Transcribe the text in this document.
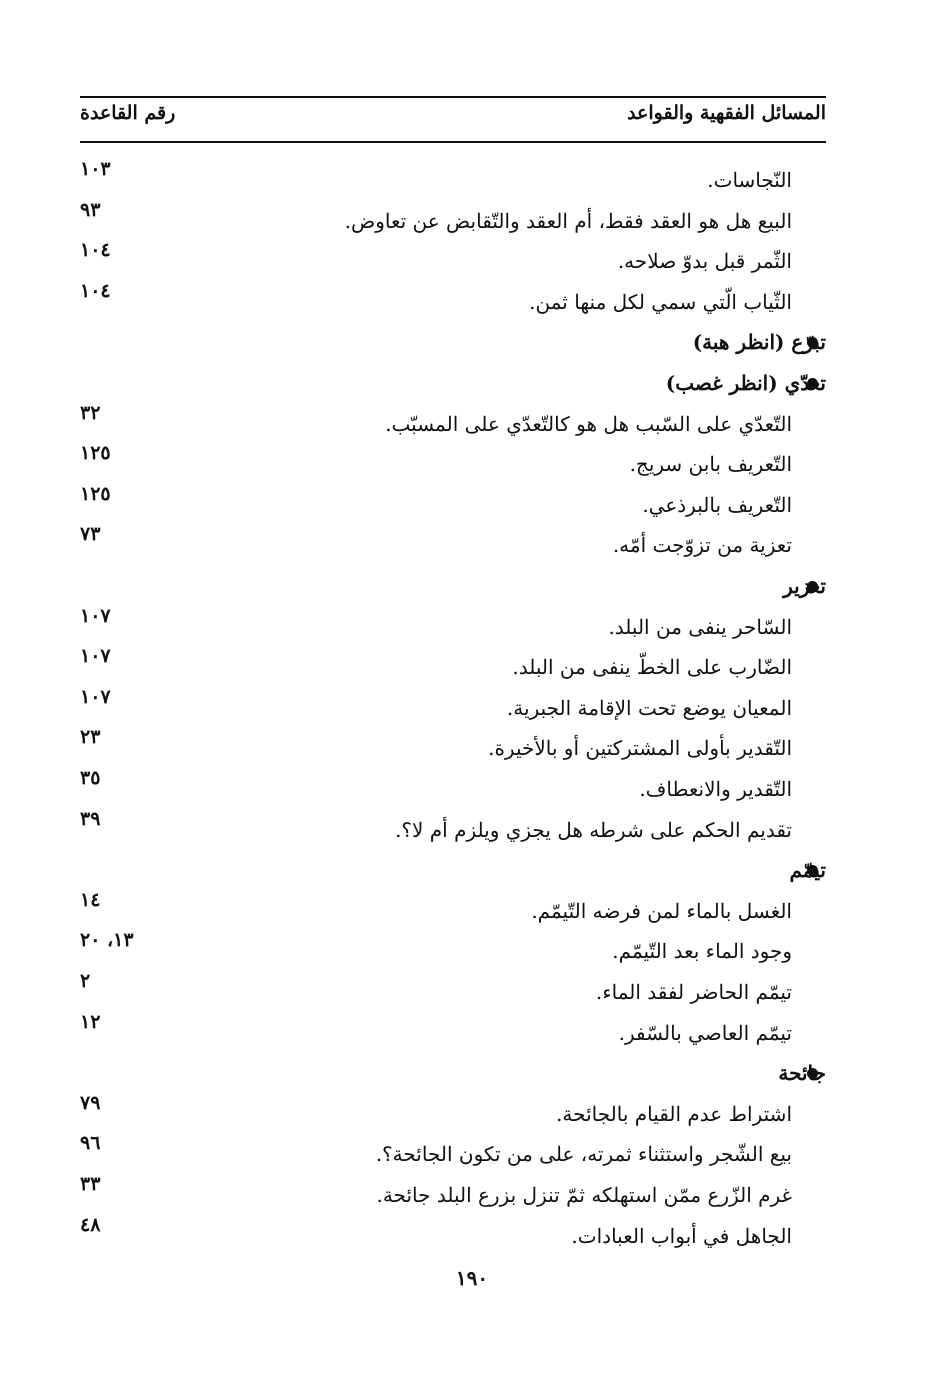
المسائل الفقهية والقواعد
رقم القاعدة
النّجاسات.
١٠٣
البيع هل هو العقد فقط، أم العقد والتّقابض عن تعاوض.
٩٣
الثّمر قبل بدوّ صلاحه.
١٠٤
الثّياب الّتي سمي لكل منها ثمن.
١٠٤
تبرّع (انظر هبة)
تعدّي (انظر غصب)
التّعدّي على السّبب هل هو كالتّعدّي على المسبّب.
٣٢
التّعريف بابن سريج.
١٢٥
التّعريف بالبرذعي.
١٢٥
تعزية من تزوّجت أمّه.
٧٣
تعزير
السّاحر ينفى من البلد.
١٠٧
الضّارب على الخطّ ينفى من البلد.
١٠٧
المعيان يوضع تحت الإقامة الجبرية.
١٠٧
التّقدير بأولى المشتركتين أو بالأخيرة.
٢٣
التّقدير والانعطاف.
٣٥
تقديم الحكم على شرطه هل يجزي ويلزم أم لا؟.
٣٩
تيمّم
الغسل بالماء لمن فرضه التّيمّم.
١٤
وجود الماء بعد التّيمّم.
١٣، ٢٠
تيمّم الحاضر لفقد الماء.
٢
تيمّم العاصي بالسّفر.
١٢
جائحة
اشتراط عدم القيام بالجائحة.
٧٩
بيع الشّجر واستثناء ثمرته، على من تكون الجائحة؟.
٩٦
غرم الزّرع ممّن استهلكه ثمّ تنزل بزرع البلد جائحة.
٣٣
الجاهل في أبواب العبادات.
٤٨
١٩٠
